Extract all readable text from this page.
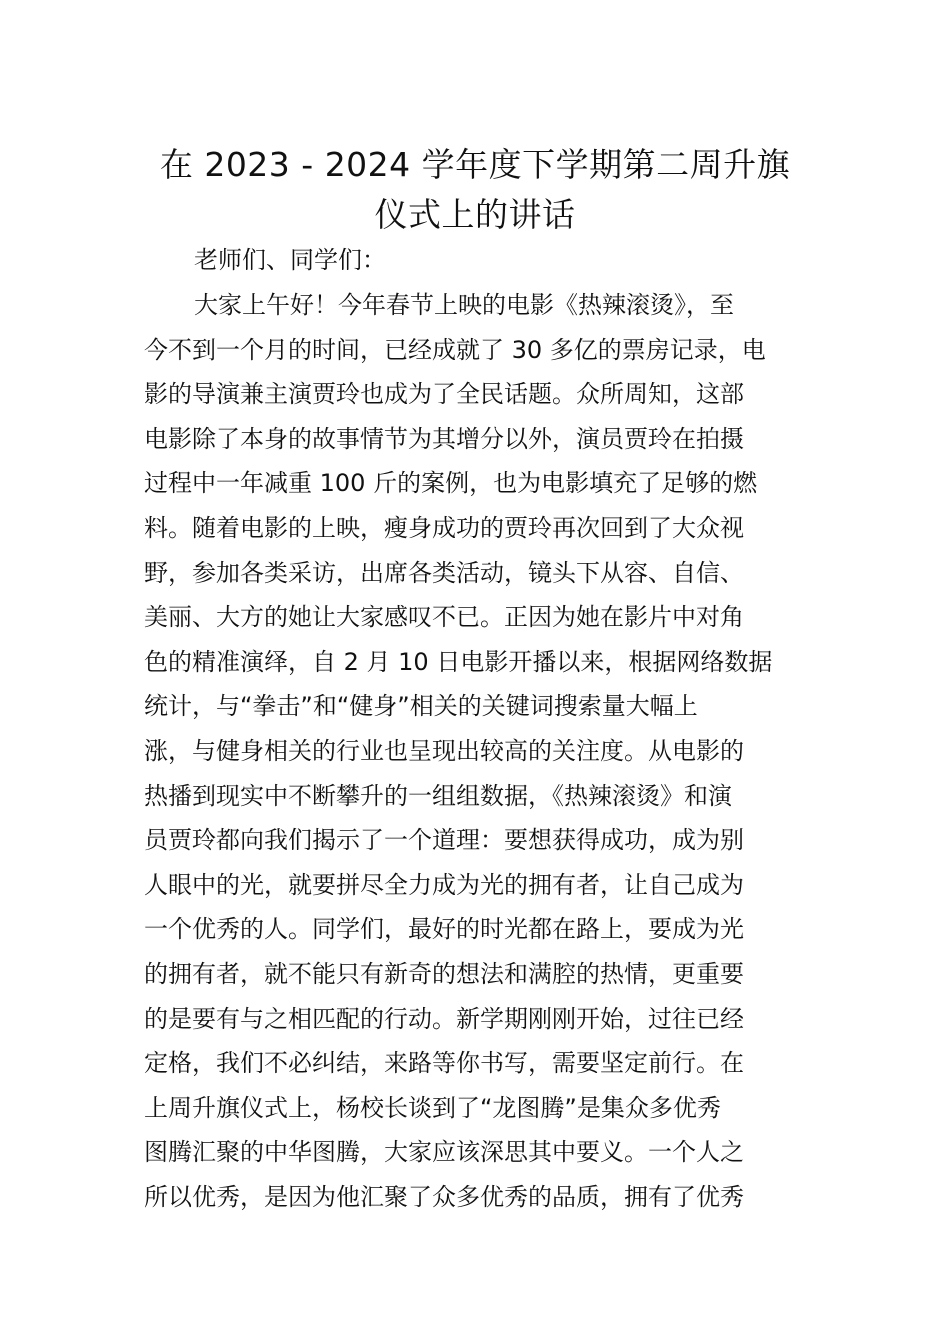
在 2023 - 2024 学年度下学期第二周升旗
仪式上的讲话
老师们、同学们：
大家上午好！今年春节上映的电影《热辣滚烫》，至
今不到一个月的时间，已经成就了 30 多亿的票房记录，电
影的导演兼主演贾玲也成为了全民话题。众所周知，这部
电影除了本身的故事情节为其增分以外，演员贾玲在拍摄
过程中一年减重 100 斤的案例，也为电影填充了足够的燃
料。随着电影的上映，瘦身成功的贾玲再次回到了大众视
野，参加各类采访，出席各类活动，镜头下从容、自信、
美丽、大方的她让大家感叹不已。正因为她在影片中对角
色的精准演绎，自 2 月 10 日电影开播以来，根据网络数据
统计，与“拳击”和“健身”相关的关键词搜索量大幅上
涨，与健身相关的行业也呈现出较高的关注度。从电影的
热播到现实中不断攀升的一组组数据，《热辣滚烫》和演
员贾玲都向我们揭示了一个道理：要想获得成功，成为别
人眼中的光，就要拼尽全力成为光的拥有者，让自己成为
一个优秀的人。同学们，最好的时光都在路上，要成为光
的拥有者，就不能只有新奇的想法和满腔的热情，更重要
的是要有与之相匹配的行动。新学期刚刚开始，过往已经
定格，我们不必纠结，来路等你书写，需要坚定前行。在
上周升旗仪式上，杨校长谈到了“龙图腾”是集众多优秀
图腾汇聚的中华图腾，大家应该深思其中要义。一个人之
所以优秀，是因为他汇聚了众多优秀的品质，拥有了优秀
